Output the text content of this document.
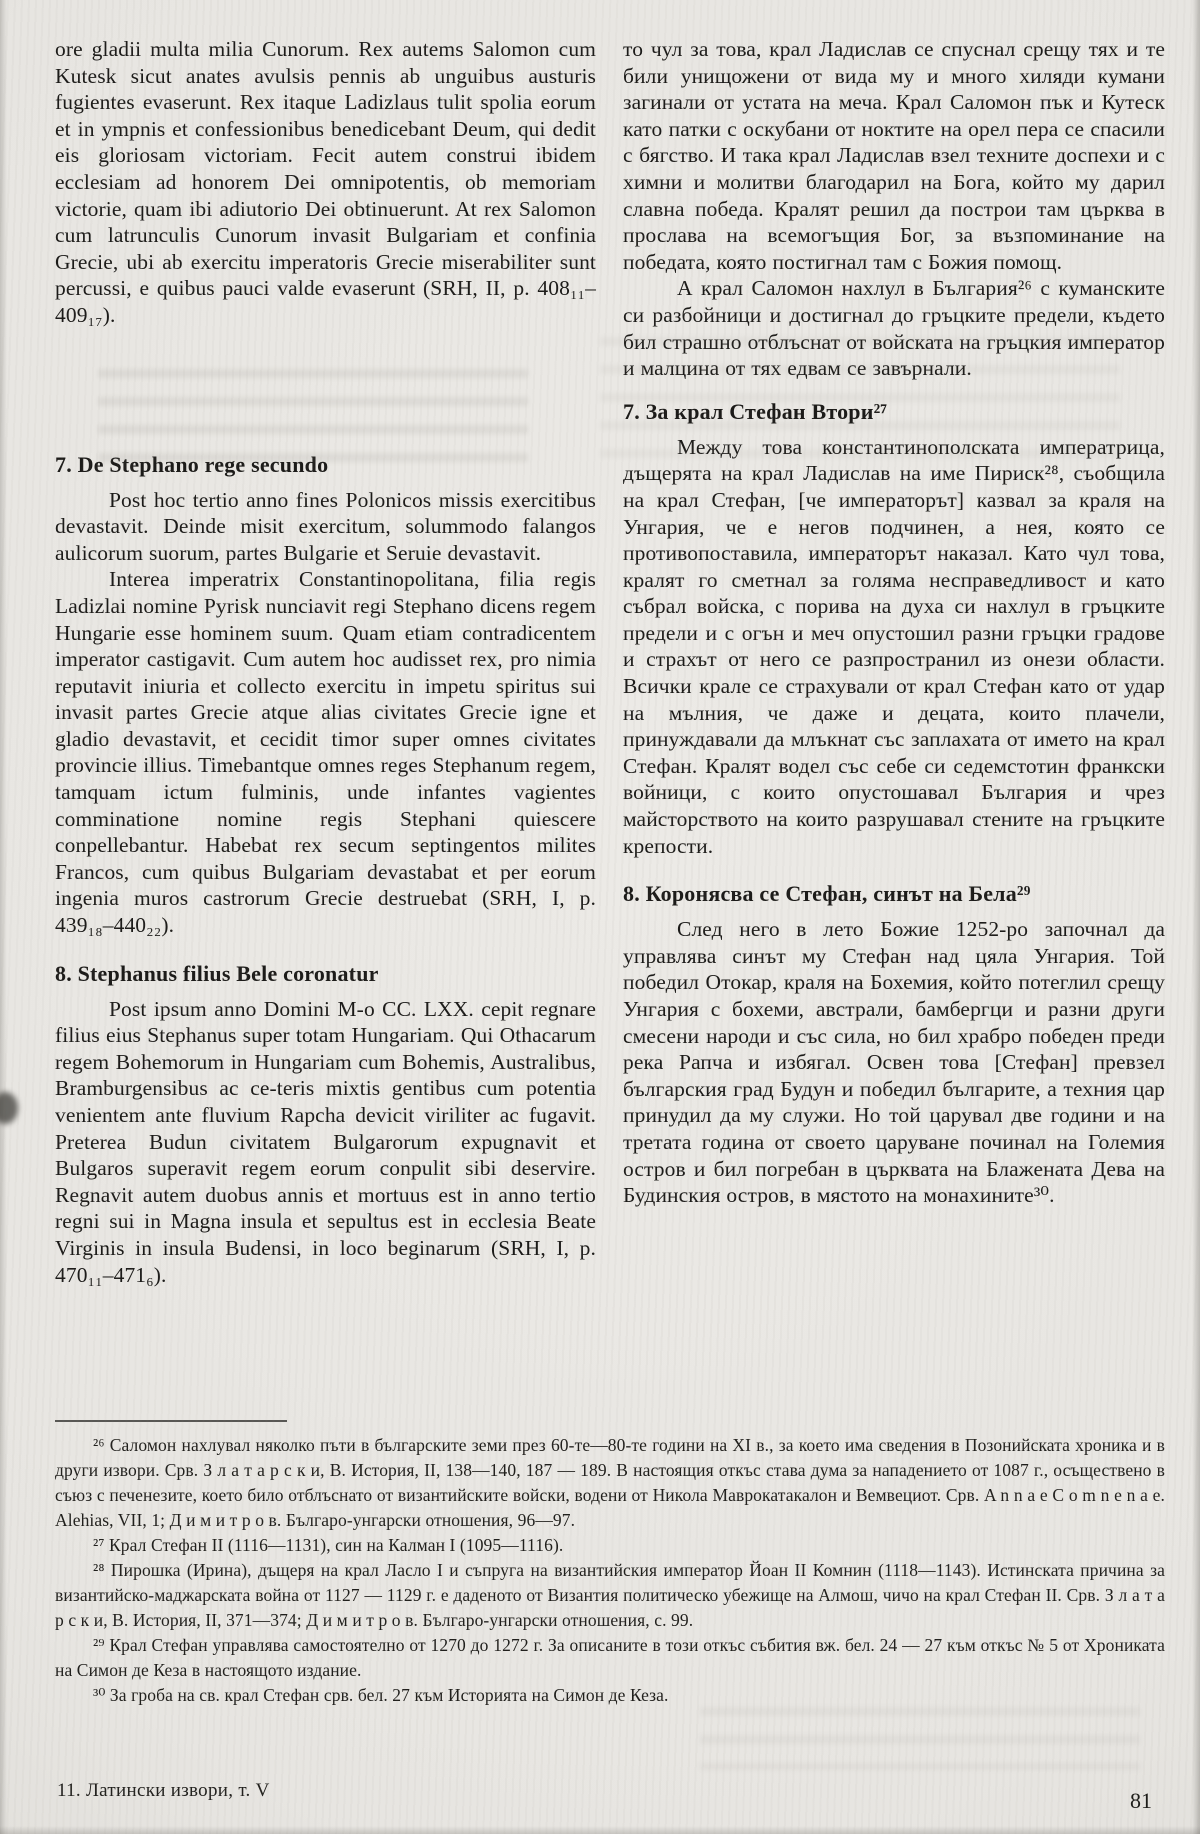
ore gladii multa milia Cunorum. Rex autems Salomon cum Kutesk sicut anates avulsis pennis ab unguibus austuris fugientes evaserunt. Rex itaque Ladizlaus tulit spolia eorum et in ympnis et confessionibus benedicebant Deum, qui dedit eis gloriosam victoriam. Fecit autem construi ibidem ecclesiam ad honorem Dei omnipotentis, ob memoriam victorie, quam ibi adiutorio Dei obtinuerunt. At rex Salomon cum latrunculis Cunorum invasit Bulgariam et confinia Grecie, ubi ab exercitu imperatoris Grecie miserabiliter sunt percussi, e quibus pauci valde evaserunt (SRH, II, p. 408₁₁–409₁₇).

7. De Stephano rege secundo

Post hoc tertio anno fines Polonicos missis exercitibus devastavit. Deinde misit exercitum, solummodo falangos aulicorum suorum, partes Bulgarie et Seruie devastavit.

Interea imperatrix Constantinopolitana, filia regis Ladizlai nomine Pyrisk nunciavit regi Stephano dicens regem Hungarie esse hominem suum. Quam etiam contradicentem imperator castigavit. Cum autem hoc audisset rex, pro nimia reputavit iniuria et collecto exercitu in impetu spiritus sui invasit partes Grecie atque alias civitates Grecie igne et gladio devastavit, et cecidit timor super omnes civitates provincie illius. Timebantque omnes reges Stephanum regem, tamquam ictum fulminis, unde infantes vagientes comminatione nomine regis Stephani quiescere conpellebantur. Habebat rex secum septingentos milites Francos, cum quibus Bulgariam devastabat et per eorum ingenia muros castrorum Grecie destruebat (SRH, I, p. 439₁₈–440₂₂).

8. Stephanus filius Bele coronatur

Post ipsum anno Domini M-o CC. LXX. cepit regnare filius eius Stephanus super totam Hungariam. Qui Othacarum regem Bohemorum in Hungariam cum Bohemis, Australibus, Bramburgensibus ac ce-teris mixtis gentibus cum potentia venientem ante fluvium Rapcha devicit viriliter ac fugavit. Preterea Budun civitatem Bulgarorum expugnavit et Bulgaros superavit regem eorum conpulit sibi deservire. Regnavit autem duobus annis et mortuus est in anno tertio regni sui in Magna insula et sepultus est in ecclesia Beate Virginis in insula Budensi, in loco beginarum (SRH, I, p. 470₁₁–471₆).

то чул за това, крал Ладислав се спуснал срещу тях и те били унищожени от вида му и много хиляди кумани загинали от устата на меча. Крал Саломон пък и Кутеск като патки с оскубани от ноктите на орел пера се спасили с бягство. И така крал Ладислав взел техните доспехи и с химни и молитви благодарил на Бога, който му дарил славна победа. Кралят решил да построи там църква в прослава на всемогъщия Бог, за възпоминание на победата, която постигнал там с Божия помощ.

А крал Саломон нахлул в България²⁶ с куманските си разбойници и достигнал до гръцките предели, където бил страшно отблъснат от войската на гръцкия император и малцина от тях едвам се завърнали.

7. За крал Стефан Втори²⁷

Между това константинополската императрица, дъщерята на крал Ладислав на име Пириск²⁸, съобщила на крал Стефан, [че императорът] казвал за краля на Унгария, че е негов подчинен, а нея, която се противопоставила, императорът наказал. Като чул това, кралят го сметнал за голяма несправедливост и като събрал войска, с порива на духа си нахлул в гръцките предели и с огън и меч опустошил разни гръцки градове и страхът от него се разпространил из онези области. Всички крале се страхували от крал Стефан като от удар на мълния, че даже и децата, които плачели, принуждавали да млъкнат със заплахата от името на крал Стефан. Кралят водел със себе си седемстотин франкски войници, с които опустошавал България и чрез майсторството на които разрушавал стените на гръцките крепости.

8. Коронясва се Стефан, синът на Бела²⁹

След него в лето Божие 1252-ро започнал да управлява синът му Стефан над цяла Унгария. Той победил Отокар, краля на Бохемия, който потеглил срещу Унгария с бохеми, австрали, бамбергци и разни други смесени народи и със сила, но бил храбро победен преди река Рапча и избягал. Освен това [Стефан] превзел българския град Будун и победил българите, а техния цар принудил да му служи. Но той царувал две години и на третата година от своето царуване починал на Големия остров и бил погребан в църквата на Блажената Дева на Будинския остров, в мястото на монахините³⁰.

²⁶ Саломон нахлувал няколко пъти в българските земи през 60-те—80-те години на XI в., за което има сведения в Позонийската хроника и в други извори. Срв. З л а т а р с к и, В. История, II, 138—140, 187 — 189. В настоящия откъс става дума за нападението от 1087 г., осъществено в съюз с печенезите, което било отблъснато от византийските войски, водени от Никола Маврокатакалон и Вемвециот. Срв. A n n a e C o m n e n a e. Alehias, VII, 1; Д и м и т р о в. Българо-унгарски отношения, 96—97.

²⁷ Крал Стефан II (1116—1131), син на Калман I (1095—1116).

²⁸ Пирошка (Ирина), дъщеря на крал Ласло I и съпруга на византийския император Йоан II Комнин (1118—1143). Истинската причина за византийско-маджарската война от 1127 — 1129 г. е даденото от Византия политическо убежище на Алмош, чичо на крал Стефан II. Срв. З л а т а р с к и, В. История, II, 371—374; Д и м и т р о в. Българо-унгарски отношения, с. 99.

²⁹ Крал Стефан управлява самостоятелно от 1270 до 1272 г. За описаните в този откъс събития вж. бел. 24 — 27 към откъс № 5 от Хрониката на Симон де Кеза в настоящото издание.

³⁰ За гроба на св. крал Стефан срв. бел. 27 към Историята на Симон де Кеза.

11. Латински извори, т. V	81
